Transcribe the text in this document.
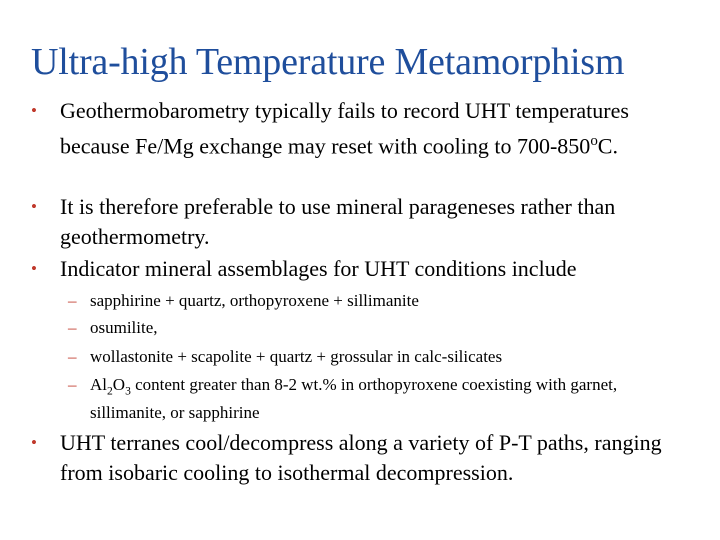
Ultra-high Temperature Metamorphism
• Geothermobarometry typically fails to record UHT temperatures because Fe/Mg exchange may reset with cooling to 700-850$^o$C.
• It is therefore preferable to use mineral parageneses rather than geothermometry.
• Indicator mineral assemblages for UHT conditions include
– sapphirine + quartz, orthopyroxene + sillimanite
– osumilite,
– wollastonite + scapolite + quartz + grossular in calc-silicates
– $Al_2O_3$ content greater than 8-2 wt.% in orthopyroxene coexisting with garnet, sillimanite, or sapphirine
• UHT terranes cool/decompress along a variety of P-T paths, ranging from isobaric cooling to isothermal decompression.
